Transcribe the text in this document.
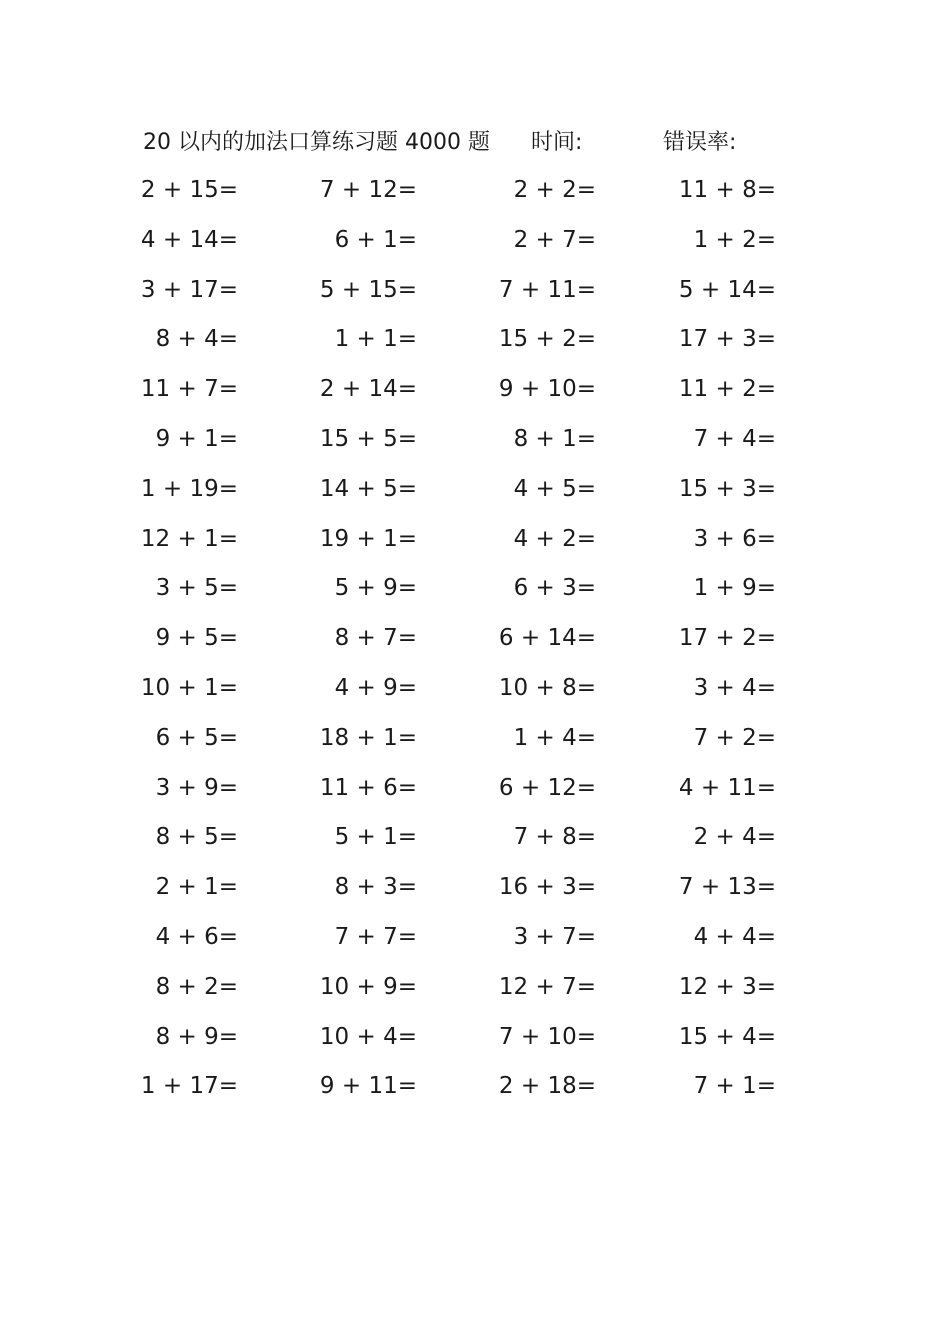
20 以内的加法口算练习题 4000 题 时间:	错误率:
2 + 15=	7 + 12=	2 + 2=	11 + 8=
4 + 14=	6 + 1=	2 + 7=	1 + 2=
3 + 17=	5 + 15=	7 + 11=	5 + 14=
8 + 4=	1 + 1=	15 + 2=	17 + 3=
11 + 7=	2 + 14=	9 + 10=	11 + 2=
9 + 1=	15 + 5=	8 + 1=	7 + 4=
1 + 19=	14 + 5=	4 + 5=	15 + 3=
12 + 1=	19 + 1=	4 + 2=	3 + 6=
3 + 5=	5 + 9=	6 + 3=	1 + 9=
9 + 5=	8 + 7=	6 + 14=	17 + 2=
10 + 1=	4 + 9=	10 + 8=	3 + 4=
6 + 5=	18 + 1=	1 + 4=	7 + 2=
3 + 9=	11 + 6=	6 + 12=	4 + 11=
8 + 5=	5 + 1=	7 + 8=	2 + 4=
2 + 1=	8 + 3=	16 + 3=	7 + 13=
4 + 6=	7 + 7=	3 + 7=	4 + 4=
8 + 2=	10 + 9=	12 + 7=	12 + 3=
8 + 9=	10 + 4=	7 + 10=	15 + 4=
1 + 17=	9 + 11=	2 + 18=	7 + 1=
